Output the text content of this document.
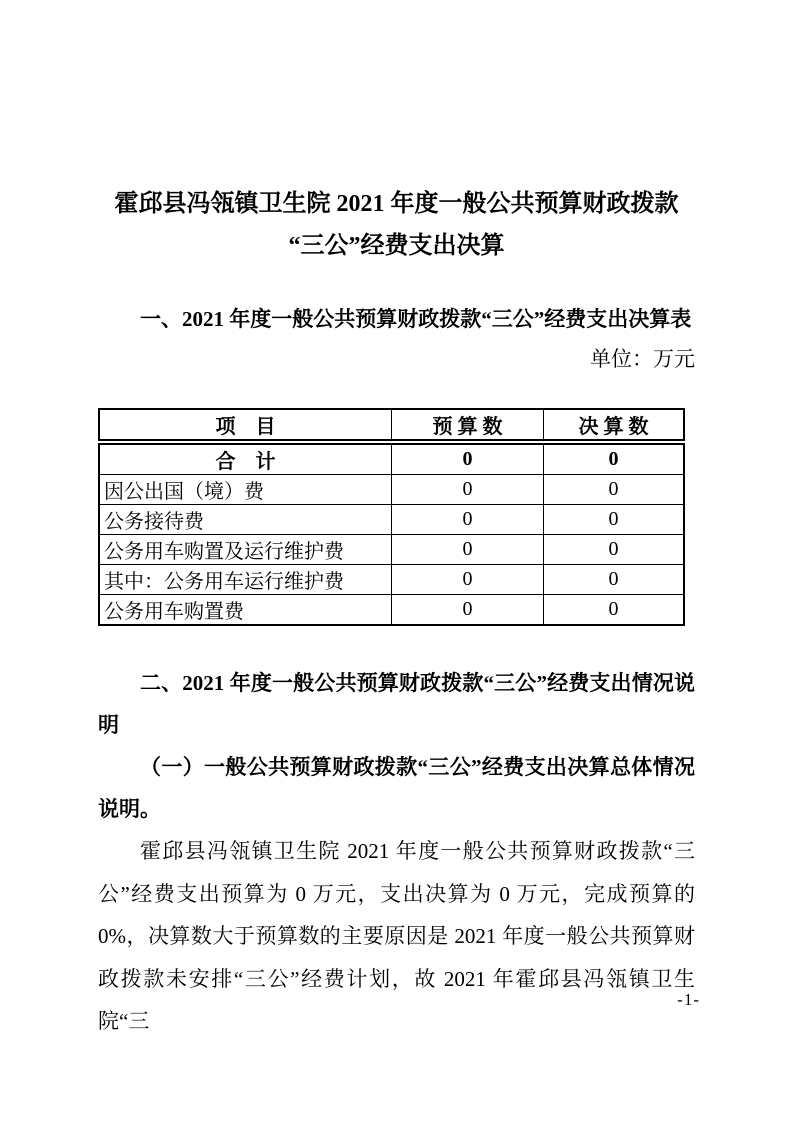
霍邱县冯瓴镇卫生院 2021 年度一般公共预算财政拨款
“三公”经费支出决算
一、2021 年度一般公共预算财政拨款“三公”经费支出决算表
单位：万元
项　目	预 算 数	决 算 数
合　计	0	0
因公出国（境）费	0	0
公务接待费	0	0
公务用车购置及运行维护费	0	0
其中：公务用车运行维护费	0	0
公务用车购置费	0	0
二、2021 年度一般公共预算财政拨款“三公”经费支出情况说明
（一）一般公共预算财政拨款“三公”经费支出决算总体情况说明。

霍邱县冯瓴镇卫生院 2021 年度一般公共预算财政拨款“三公”经费支出预算为 0 万元，支出决算为 0 万元，完成预算的 0%，决算数大于预算数的主要原因是 2021 年度一般公共预算财政拨款未安排“三公”经费计划，故 2021 年霍邱县冯瓴镇卫生院“三

-1-
